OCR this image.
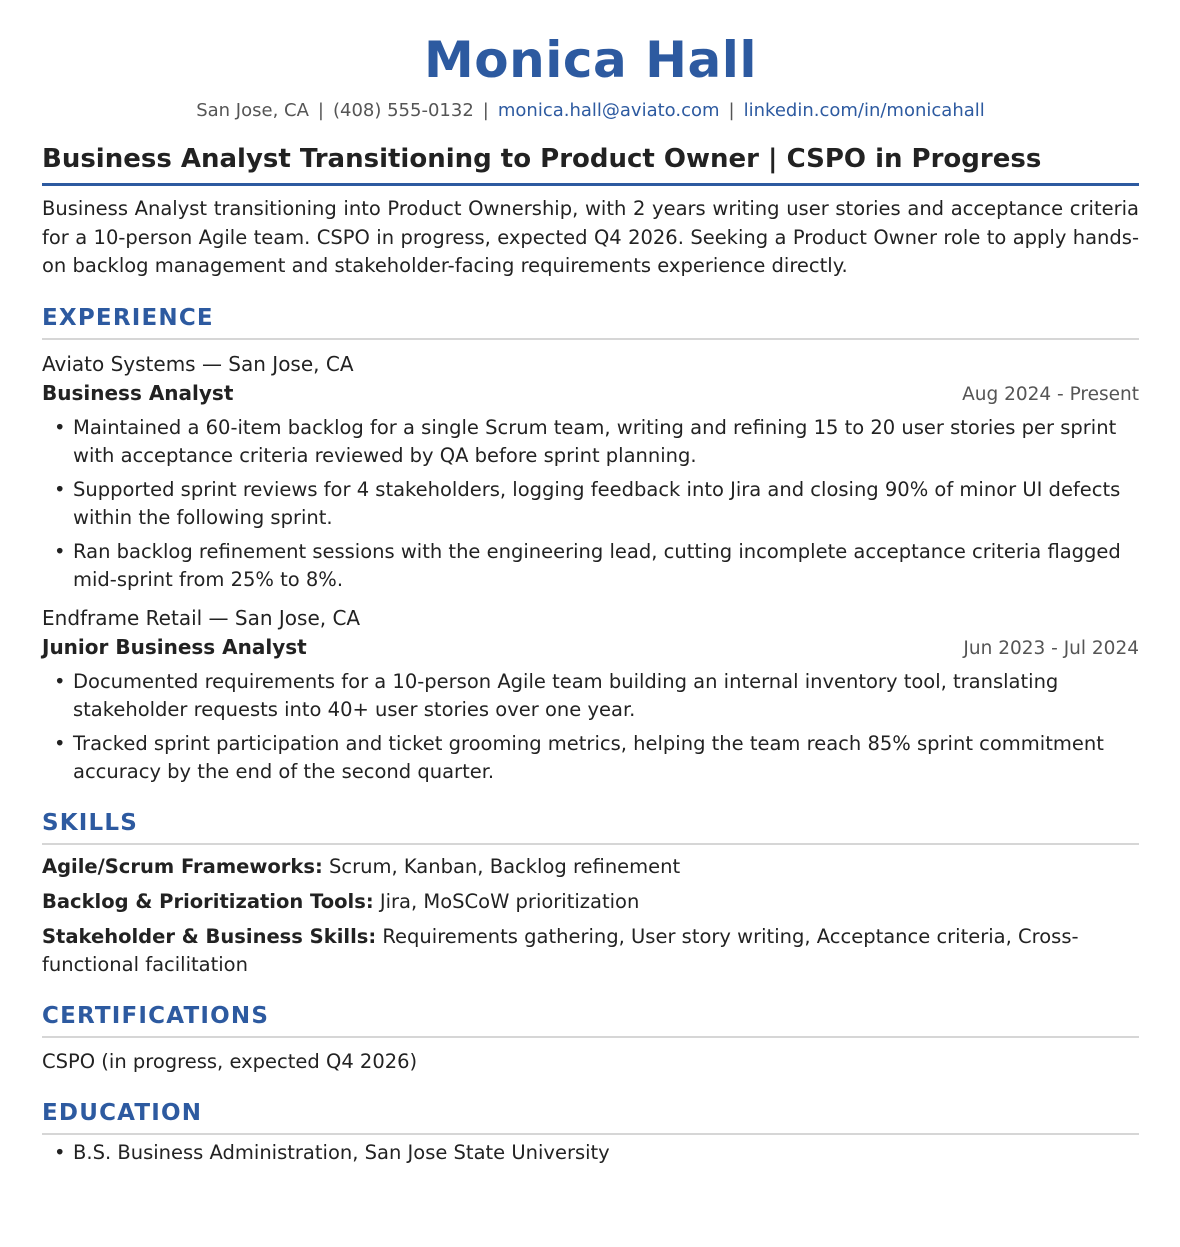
Monica Hall
San Jose, CA | (408) 555-0132 | monica.hall@aviato.com | linkedin.com/in/monicahall
Business Analyst Transitioning to Product Owner | CSPO in Progress
Business Analyst transitioning into Product Ownership, with 2 years writing user stories and acceptance criteria for a 10-person Agile team. CSPO in progress, expected Q4 2026. Seeking a Product Owner role to apply hands-on backlog management and stakeholder-facing requirements experience directly.
EXPERIENCE
Aviato Systems — San Jose, CA
Business Analyst	Aug 2024 - Present
• Maintained a 60-item backlog for a single Scrum team, writing and refining 15 to 20 user stories per sprint with acceptance criteria reviewed by QA before sprint planning.
• Supported sprint reviews for 4 stakeholders, logging feedback into Jira and closing 90% of minor UI defects within the following sprint.
• Ran backlog refinement sessions with the engineering lead, cutting incomplete acceptance criteria flagged mid-sprint from 25% to 8%.
Endframe Retail — San Jose, CA
Junior Business Analyst	Jun 2023 - Jul 2024
• Documented requirements for a 10-person Agile team building an internal inventory tool, translating stakeholder requests into 40+ user stories over one year.
• Tracked sprint participation and ticket grooming metrics, helping the team reach 85% sprint commitment accuracy by the end of the second quarter.
SKILLS
Agile/Scrum Frameworks: Scrum, Kanban, Backlog refinement
Backlog & Prioritization Tools: Jira, MoSCoW prioritization
Stakeholder & Business Skills: Requirements gathering, User story writing, Acceptance criteria, Cross-functional facilitation
CERTIFICATIONS
CSPO (in progress, expected Q4 2026)
EDUCATION
• B.S. Business Administration, San Jose State University
